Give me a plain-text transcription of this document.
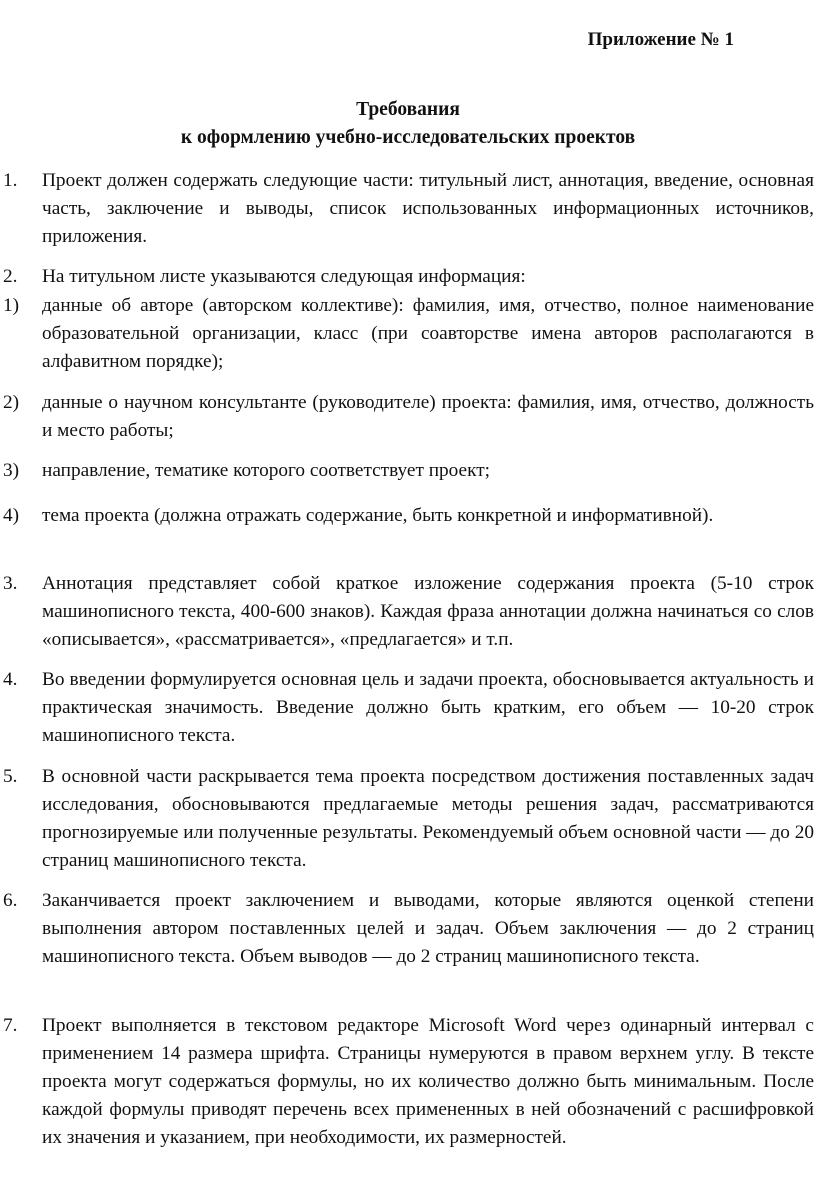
Приложение № 1
Требования
к оформлению учебно-исследовательских проектов
1. Проект должен содержать следующие части: титульный лист, аннотация, введение, основная часть, заключение и выводы, список использованных информационных источников, приложения.
2. На титульном листе указываются следующая информация:
1) данные об авторе (авторском коллективе): фамилия, имя, отчество, полное наименование образовательной организации, класс (при соавторстве имена авторов располагаются в алфавитном порядке);
2) данные о научном консультанте (руководителе) проекта: фамилия, имя, отчество, должность и место работы;
3) направление, тематике которого соответствует проект;
4) тема проекта (должна отражать содержание, быть конкретной и информативной).
3. Аннотация представляет собой краткое изложение содержания проекта (5-10 строк машинописного текста, 400-600 знаков). Каждая фраза аннотации должна начинаться со слов «описывается», «рассматривается», «предлагается» и т.п.
4. Во введении формулируется основная цель и задачи проекта, обосновывается актуальность и практическая значимость. Введение должно быть кратким, его объем — 10-20 строк машинописного текста.
5. В основной части раскрывается тема проекта посредством достижения поставленных задач исследования, обосновываются предлагаемые методы решения задач, рассматриваются прогнозируемые или полученные результаты. Рекомендуемый объем основной части — до 20 страниц машинописного текста.
6. Заканчивается проект заключением и выводами, которые являются оценкой степени выполнения автором поставленных целей и задач. Объем заключения — до 2 страниц машинописного текста. Объем выводов — до 2 страниц машинописного текста.
7. Проект выполняется в текстовом редакторе Microsoft Word через одинарный интервал с применением 14 размера шрифта. Страницы нумеруются в правом верхнем углу. В тексте проекта могут содержаться формулы, но их количество должно быть минимальным. После каждой формулы приводят перечень всех примененных в ней обозначений с расшифровкой их значения и указанием, при необходимости, их размерностей.
